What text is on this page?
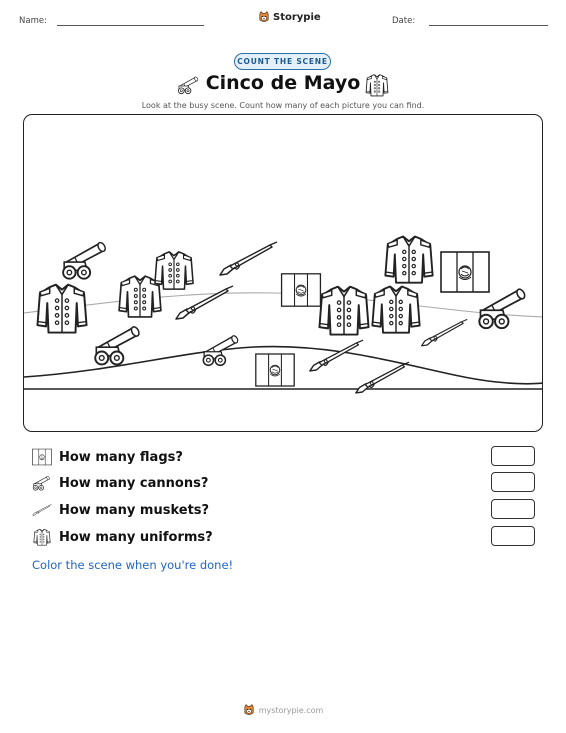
Name:	Storypie	Date:
COUNT THE SCENE
Cinco de Mayo
Look at the busy scene. Count how many of each picture you can find.
How many flags?
How many cannons?
How many muskets?
How many uniforms?
Color the scene when you're done!
mystorypie.com
